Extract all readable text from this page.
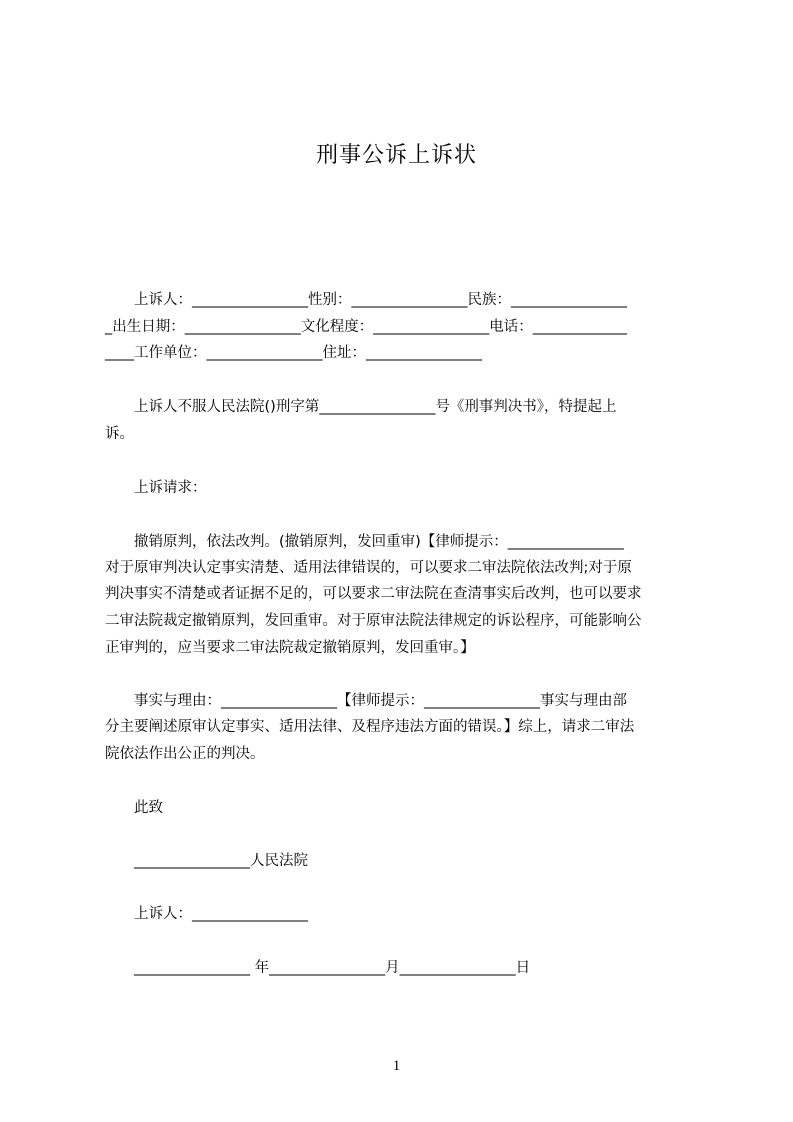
刑事公诉上诉状
　　上诉人：________________性别：________________民族：________________
_出生日期：________________文化程度：________________电话：_____________
____工作单位：________________住址：________________
　　上诉人不服人民法院()刑字第________________号《刑事判决书》，特提起上
诉。
　　上诉请求：
　　撤销原判，依法改判。(撤销原判，发回重审)【律师提示：________________
对于原审判决认定事实清楚、适用法律错误的，可以要求二审法院依法改判;对于原
判决事实不清楚或者证据不足的，可以要求二审法院在查清事实后改判，也可以要求
二审法院裁定撤销原判，发回重审。对于原审法院法律规定的诉讼程序，可能影响公
正审判的，应当要求二审法院裁定撤销原判，发回重审。】
　　事实与理由：________________【律师提示：________________事实与理由部
分主要阐述原审认定事实、适用法律、及程序违法方面的错误。】综上，请求二审法
院依法作出公正的判决。
　　此致
　　________________人民法院
　　上诉人：________________
　　________________ 年________________月________________日
1
